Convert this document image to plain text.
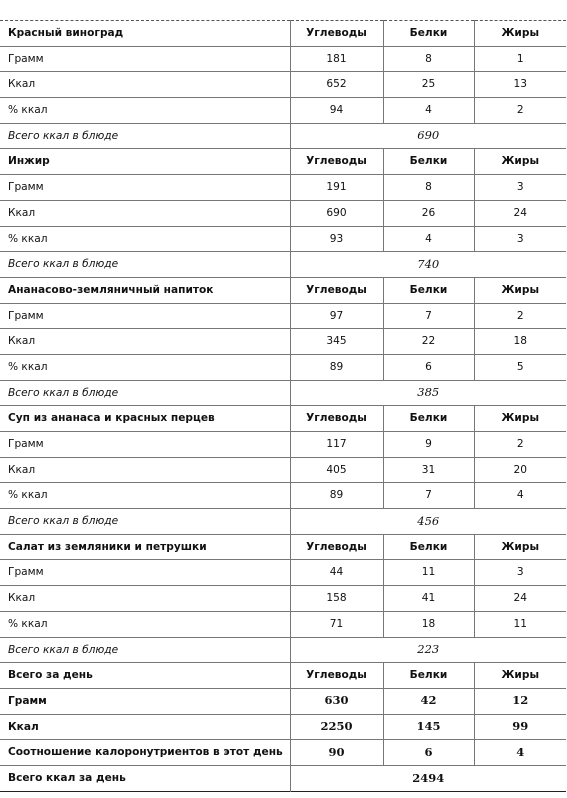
Красный виноград	Углеводы	Белки	Жиры
Грамм	181	8	1
Ккал	652	25	13
% ккал	94	4	2
Всего ккал в блюде	690		
Инжир	Углеводы	Белки	Жиры
Грамм	191	8	3
Ккал	690	26	24
% ккал	93	4	3
Всего ккал в блюде	740		
Ананасово-земляничный напиток	Углеводы	Белки	Жиры
Грамм	97	7	2
Ккал	345	22	18
% ккал	89	6	5
Всего ккал в блюде	385		
Суп из ананаса и красных перцев	Углеводы	Белки	Жиры
Грамм	117	9	2
Ккал	405	31	20
% ккал	89	7	4
Всего ккал в блюде	456		
Салат из земляники и петрушки	Углеводы	Белки	Жиры
Грамм	44	11	3
Ккал	158	41	24
% ккал	71	18	11
Всего ккал в блюде	223		
Всего за день	Углеводы	Белки	Жиры
Грамм	630	42	12
Ккал	2250	145	99
Соотношение калоронутриентов в этот день	90	6	4
Всего ккал за день	2494		
